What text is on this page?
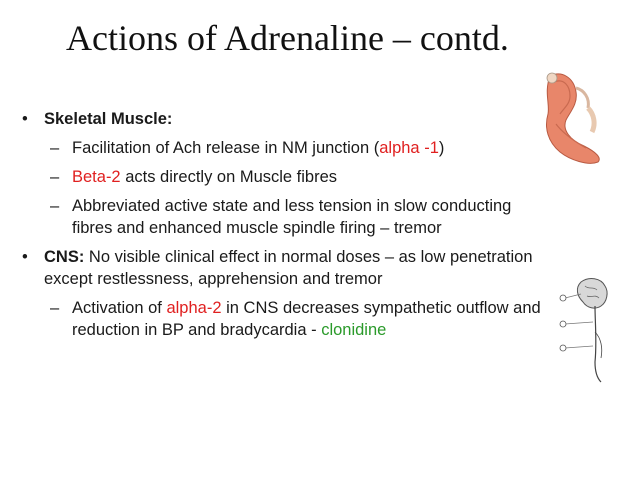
Actions of Adrenaline – contd.
• Skeletal Muscle:
– Facilitation of Ach release in NM junction (alpha -1)
– Beta-2 acts directly on Muscle fibres
– Abbreviated active state and less tension in slow conducting fibres and enhanced muscle spindle firing – tremor
• CNS: No visible clinical effect in normal doses – as low penetration except restlessness, apprehension and tremor
– Activation of alpha-2 in CNS decreases sympathetic outflow and reduction in BP and bradycardia - clonidine
